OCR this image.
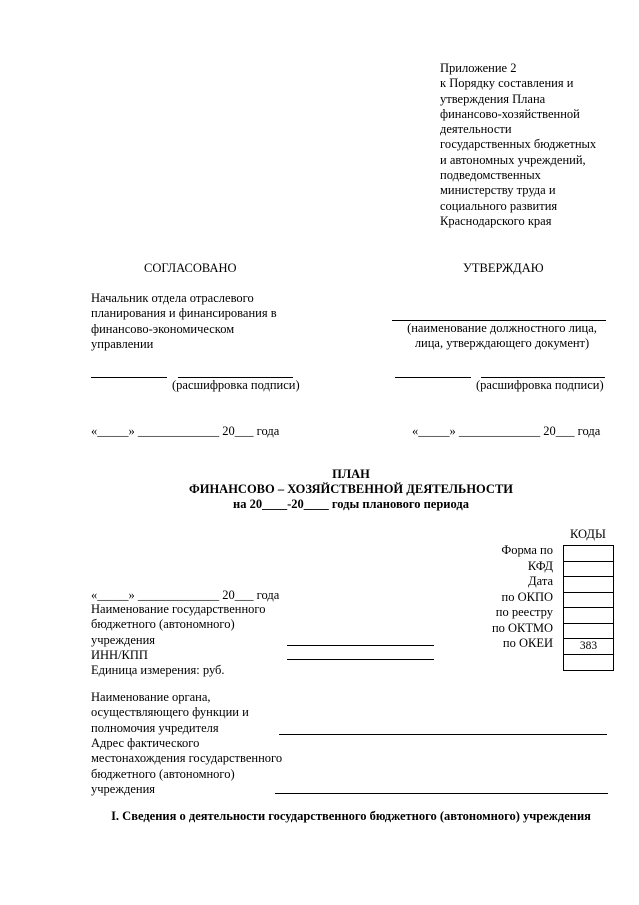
Приложение 2
к Порядку составления и
утверждения Плана
финансово-хозяйственной
деятельности
государственных бюджетных
и автономных учреждений,
подведомственных
министерству труда и
социального развития
Краснодарского края
СОГЛАСОВАНО	УТВЕРЖДАЮ
Начальник отдела отраслевого
планирования и финансирования в
финансово-экономическом
управлении
(наименование должностного лица,
лица, утверждающего документ)
(расшифровка подписи)	(расшифровка подписи)
«_____» _____________ 20___ года	«_____» _____________ 20___ года
ПЛАН
ФИНАНСОВО – ХОЗЯЙСТВЕННОЙ ДЕЯТЕЛЬНОСТИ
на 20____-20____ годы планового периода
КОДЫ
Форма по
КФД
Дата
по ОКПО
по реестру
по ОКТМО
по ОКЕИ	383
«_____» _____________ 20___ года
Наименование государственного
бюджетного (автономного)
учреждения
ИНН/КПП
Единица измерения: руб.
Наименование органа,
осуществляющего функции и
полномочия учредителя
Адрес фактического
местонахождения государственного
бюджетного (автономного)
учреждения
I. Сведения о деятельности государственного бюджетного (автономного) учреждения
